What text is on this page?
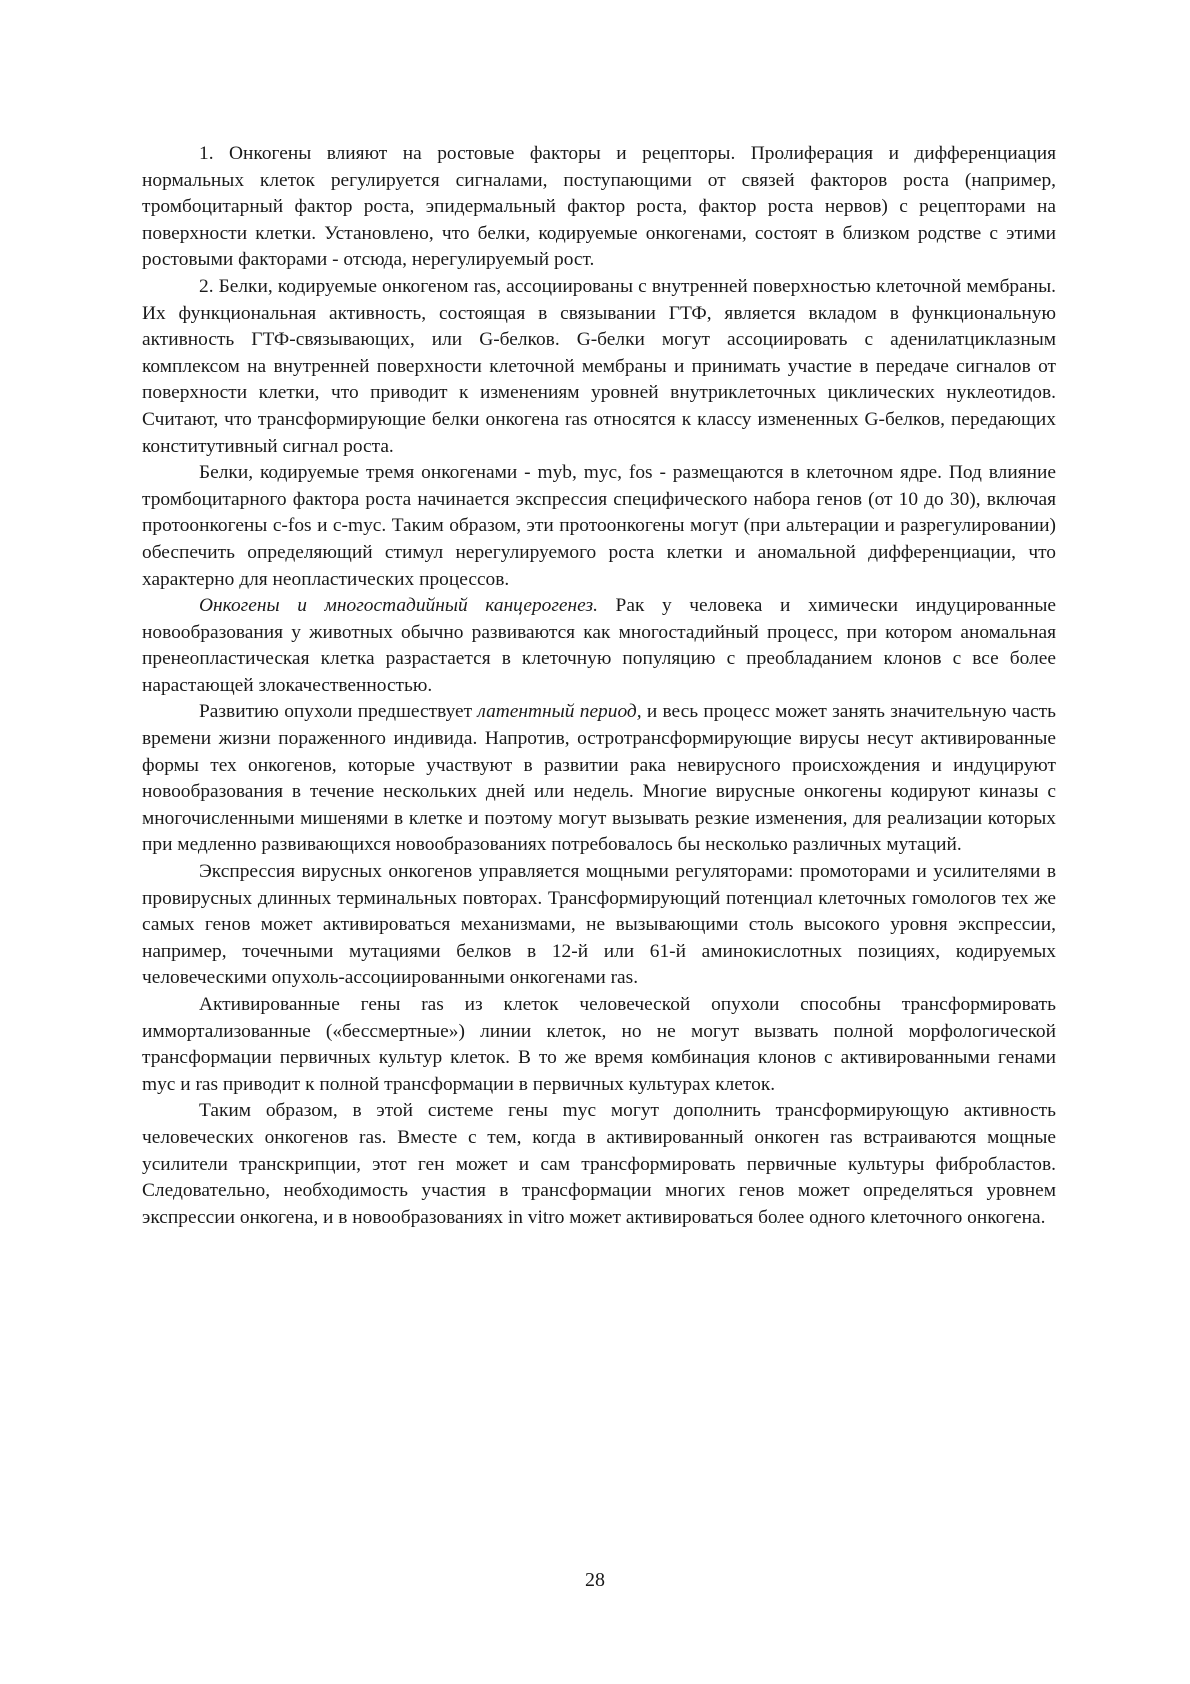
1. Онкогены влияют на ростовые факторы и рецепторы. Пролиферация и дифференциация нормальных клеток регулируется сигналами, поступающими от связей факторов роста (например, тромбоцитарный фактор роста, эпидермальный фактор роста, фактор роста нервов) с рецепторами на поверхности клетки. Установлено, что белки, кодируемые онкогенами, состоят в близком родстве с этими ростовыми факторами - отсюда, нерегулируемый рост.

2. Белки, кодируемые онкогеном ras, ассоциированы с внутренней поверхностью клеточной мембраны. Их функциональная активность, состоящая в связывании ГТФ, является вкладом в функциональную активность ГТФ-связывающих, или G-белков. G-белки могут ассоциировать с аденилатциклазным комплексом на внутренней поверхности клеточной мембраны и принимать участие в передаче сигналов от поверхности клетки, что приводит к изменениям уровней внутриклеточных циклических нуклеотидов. Считают, что трансформирующие белки онкогена ras относятся к классу измененных G-белков, передающих конститутивный сигнал роста.

Белки, кодируемые тремя онкогенами - myb, myc, fos - размещаются в клеточном ядре. Под влияние тромбоцитарного фактора роста начинается экспрессия специфического набора генов (от 10 до 30), включая протоонкогены c-fos и c-myc. Таким образом, эти протоонкогены могут (при альтерации и разрегулировании) обеспечить определяющий стимул нерегулируемого роста клетки и аномальной дифференциации, что характерно для неопластических процессов.

Онкогены и многостадийный канцерогенез. Рак у человека и химически индуцированные новообразования у животных обычно развиваются как многостадийный процесс, при котором аномальная пренеопластическая клетка разрастается в клеточную популяцию с преобладанием клонов с все более нарастающей злокачественностью.

Развитию опухоли предшествует латентный период, и весь процесс может занять значительную часть времени жизни пораженного индивида. Напротив, остротрансформирующие вирусы несут активированные формы тех онкогенов, которые участвуют в развитии рака невирусного происхождения и индуцируют новообразования в течение нескольких дней или недель. Многие вирусные онкогены кодируют киназы с многочисленными мишенями в клетке и поэтому могут вызывать резкие изменения, для реализации которых при медленно развивающихся новообразованиях потребовалось бы несколько различных мутаций.

Экспрессия вирусных онкогенов управляется мощными регуляторами: промоторами и усилителями в провирусных длинных терминальных повторах. Трансформирующий потенциал клеточных гомологов тех же самых генов может активироваться механизмами, не вызывающими столь высокого уровня экспрессии, например, точечными мутациями белков в 12-й или 61-й аминокислотных позициях, кодируемых человеческими опухоль-ассоциированными онкогенами ras.

Активированные гены ras из клеток человеческой опухоли способны трансформировать иммортализованные («бессмертные») линии клеток, но не могут вызвать полной морфологической трансформации первичных культур клеток. В то же время комбинация клонов с активированными генами myc и ras приводит к полной трансформации в первичных культурах клеток.

Таким образом, в этой системе гены myc могут дополнить трансформирующую активность человеческих онкогенов ras. Вместе с тем, когда в активированный онкоген ras встраиваются мощные усилители транскрипции, этот ген может и сам трансформировать первичные культуры фибробластов. Следовательно, необходимость участия в трансформации многих генов может определяться уровнем экспрессии онкогена, и в новообразованиях in vitro может активироваться более одного клеточного онкогена.

28
